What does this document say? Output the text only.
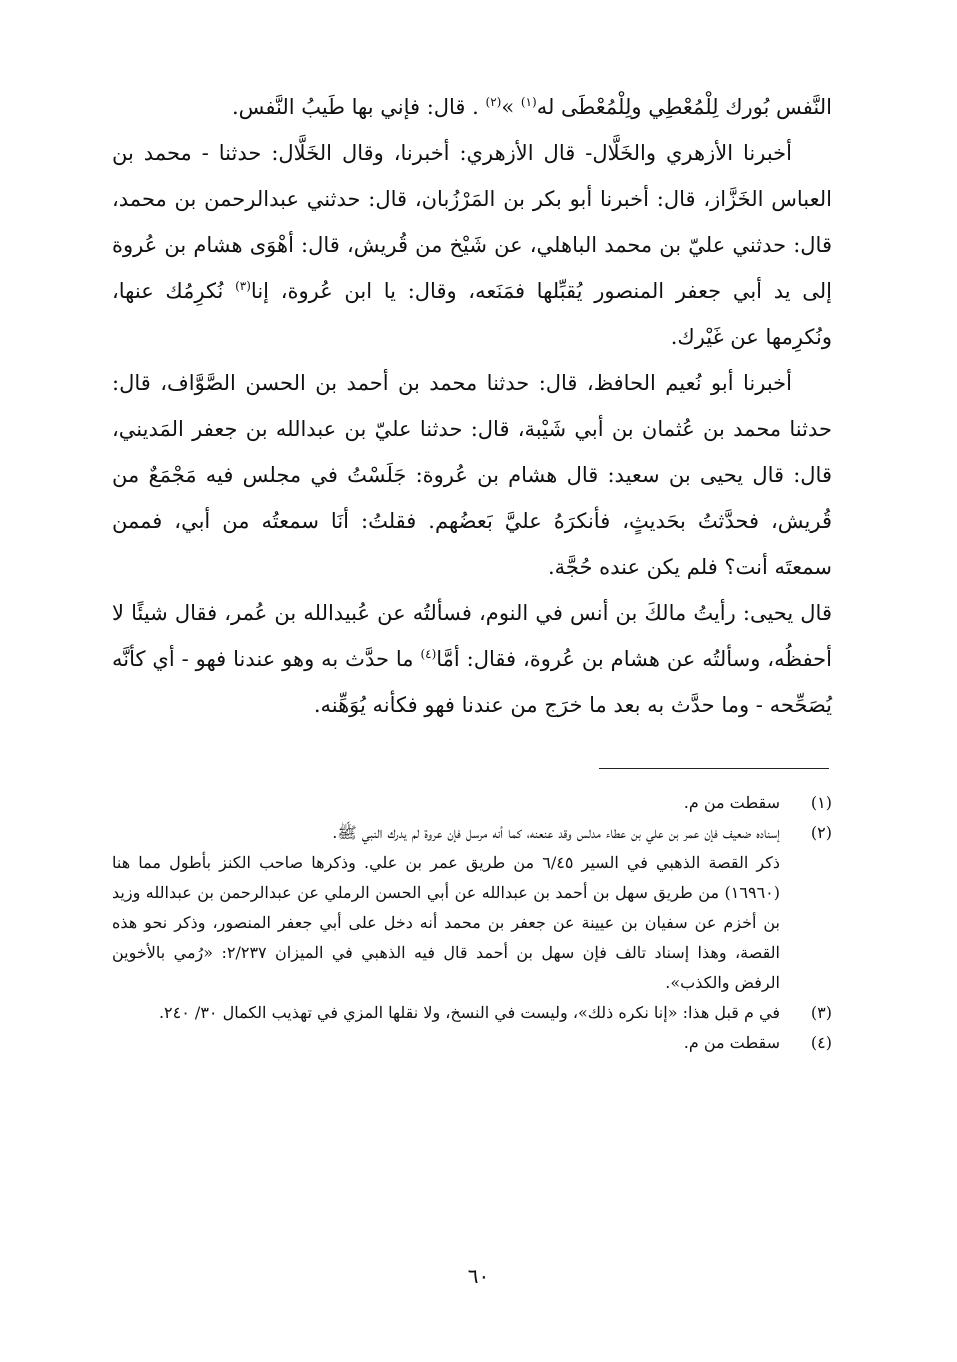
النَّفس بُورك لِلْمُعْطِي ولِلْمُعْطَى له$^{(١)}$ »$^{(٢)}$ . قال: فإني بها طَيبُ النَّفس.

أخبرنا الأزهري والخَلَّال- قال الأزهري: أخبرنا، وقال الخَلَّال: حدثنا - محمد بن العباس الخَزَّاز، قال: أخبرنا أبو بكر بن المَرْزُبان، قال: حدثني عبدالرحمن بن محمد، قال: حدثني عليّ بن محمد الباهلي، عن شَيْخ من قُريش، قال: أهْوَى هشام بن عُروة إلى يد أبي جعفر المنصور يُقبِّلها فمَنَعه، وقال: يا ابن عُروة، إنا$^{(٣)}$ نُكرِمُك عنها، ونُكرِمها عن غَيْرك.

أخبرنا أبو نُعيم الحافظ، قال: حدثنا محمد بن أحمد بن الحسن الصَّوَّاف، قال: حدثنا محمد بن عُثمان بن أبي شَيْبة، قال: حدثنا عليّ بن عبدالله بن جعفر المَديني، قال: قال يحيى بن سعيد: قال هشام بن عُروة: جَلَسْتُ في مجلس فيه مَجْمَعٌ من قُريش، فحدَّثتُ بحَديثٍ، فأنكرَهُ عليَّ بَعضُهم. فقلتُ: أنَا سمعتُه من أبي، فممن سمعتَه أنت؟ فلم يكن عنده حُجَّة.

قال يحيى: رأيتُ مالكَ بن أنس في النوم، فسألتُه عن عُبيدالله بن عُمر، فقال شيئًا لا أحفظُه، وسألتُه عن هشام بن عُروة، فقال: أمَّا$^{(٤)}$ ما حدَّث به وهو عندنا فهو - أي كأنَّه يُصَحِّحه - وما حدَّث به بعد ما خرَج من عندنا فهو فكأنه يُوَهِّنه.

(١)
سقطت من م.
(٢)
إسناده ضعيف فإن عمر بن علي بن عطاء مدلس وقد عنعنه، كما أنه مرسل فإن عروة لم يدرك النبي ﷺ.

ذكر القصة الذهبي في السير ٦/٤٥ من طريق عمر بن علي. وذكرها صاحب الكنز بأطول مما هنا (١٦٩٦٠) من طريق سهل بن أحمد بن عبدالله عن أبي الحسن الرملي عن عبدالرحمن بن عبدالله وزيد بن أخزم عن سفيان بن عيينة عن جعفر بن محمد أنه دخل على أبي جعفر المنصور، وذكر نحو هذه القصة، وهذا إسناد تالف فإن سهل بن أحمد قال فيه الذهبي في الميزان ٢/٢٣٧: «رُمي بالأخوين الرفض والكذب».

(٣)
في م قبل هذا: «إنا نكره ذلك»، وليست في النسخ، ولا نقلها المزي في تهذيب الكمال ٣٠/ ٢٤٠.
(٤)
سقطت من م.
٦٠
